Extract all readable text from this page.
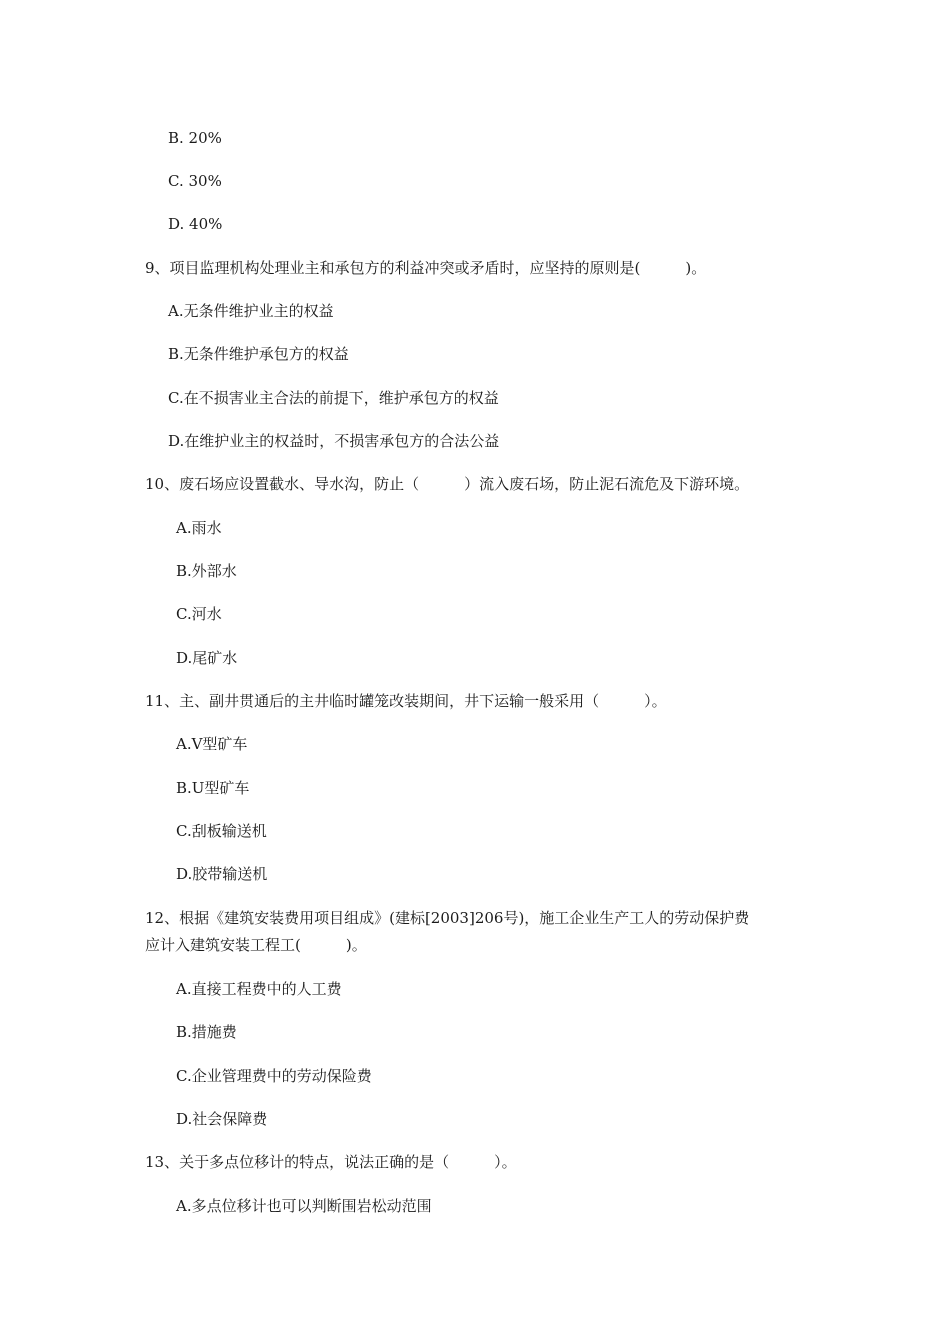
B. 20%
C. 30%
D. 40%
9、项目监理机构处理业主和承包方的利益冲突或矛盾时，应坚持的原则是(　　　)。
A.无条件维护业主的权益
B.无条件维护承包方的权益
C.在不损害业主合法的前提下，维护承包方的权益
D.在维护业主的权益时，不损害承包方的合法公益
10、废石场应设置截水、导水沟，防止（　　　）流入废石场，防止泥石流危及下游环境。
A.雨水
B.外部水
C.河水
D.尾矿水
11、主、副井贯通后的主井临时罐笼改装期间，井下运输一般采用（　　　）。
A.V型矿车
B.U型矿车
C.刮板输送机
D.胶带输送机
12、根据《建筑安装费用项目组成》(建标[2003]206号)，施工企业生产工人的劳动保护费
应计入建筑安装工程工(　　　)。
A.直接工程费中的人工费
B.措施费
C.企业管理费中的劳动保险费
D.社会保障费
13、关于多点位移计的特点，说法正确的是（　　　）。
A.多点位移计也可以判断围岩松动范围
